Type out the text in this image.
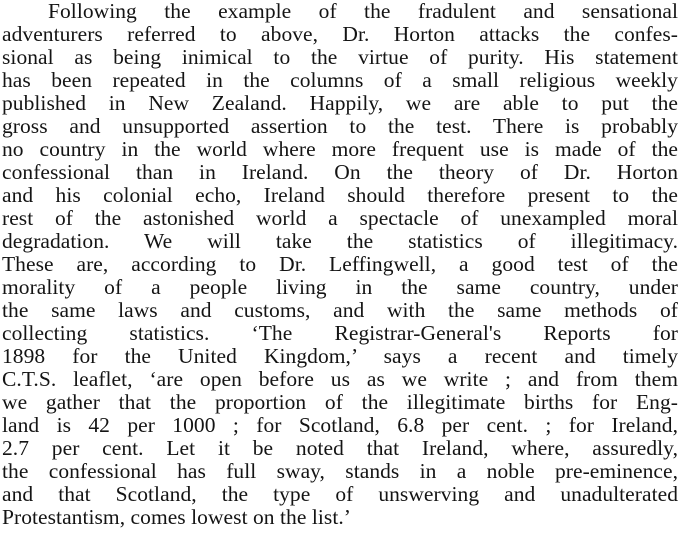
Following the example of the fradulent and sensational
adventurers referred to above, Dr. Horton attacks the confes-
sional as being inimical to the virtue of purity. His statement
has been repeated in the columns of a small religious weekly
published in New Zealand. Happily, we are able to put the
gross and unsupported assertion to the test. There is probably
no country in the world where more frequent use is made of the
confessional than in Ireland. On the theory of Dr. Horton
and his colonial echo, Ireland should therefore present to the
rest of the astonished world a spectacle of unexampled moral
degradation. We will take the statistics of illegitimacy.
These are, according to Dr. Leffingwell, a good test of the
morality of a people living in the same country, under
the same laws and customs, and with the same methods of
collecting statistics. ‘The Registrar-General's Reports for
1898 for the United Kingdom,’ says a recent and timely
C.T.S. leaflet, ‘are open before us as we write ; and from them
we gather that the proportion of the illegitimate births for Eng-
land is 42 per 1000 ; for Scotland, 6.8 per cent. ; for Ireland,
2.7 per cent. Let it be noted that Ireland, where, assuredly,
the confessional has full sway, stands in a noble pre-eminence,
and that Scotland, the type of unswerving and unadulterated
Protestantism, comes lowest on the list.’
